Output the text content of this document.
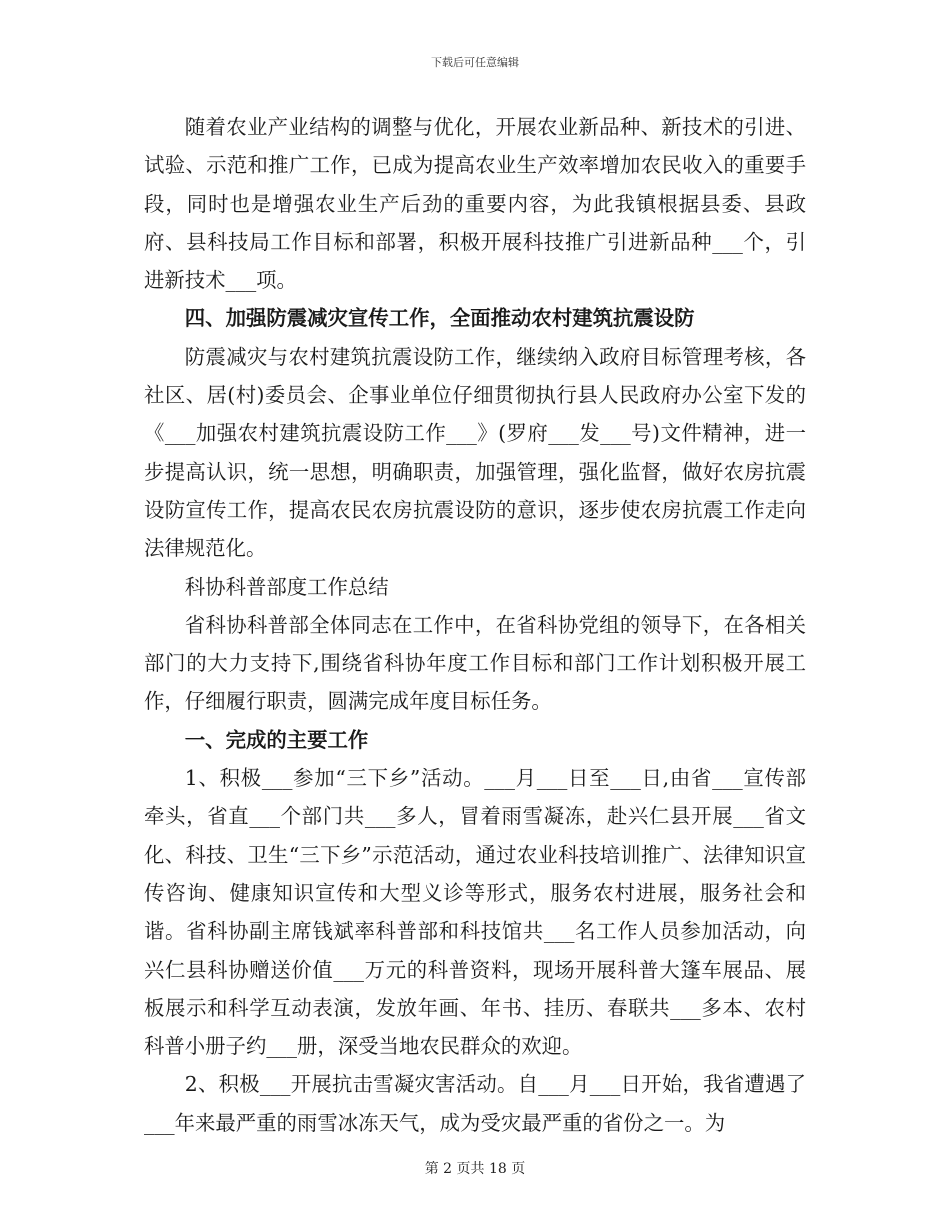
下载后可任意编辑

随着农业产业结构的调整与优化，开展农业新品种、新技术的引进、试验、示范和推广工作，已成为提高农业生产效率增加农民收入的重要手段，同时也是增强农业生产后劲的重要内容，为此我镇根据县委、县政府、县科技局工作目标和部署，积极开展科技推广引进新品种___个，引进新技术___项。

四、加强防震减灾宣传工作，全面推动农村建筑抗震设防

防震减灾与农村建筑抗震设防工作，继续纳入政府目标管理考核，各社区、居(村)委员会、企事业单位仔细贯彻执行县人民政府办公室下发的《___加强农村建筑抗震设防工作___》(罗府___发___号)文件精神，进一步提高认识，统一思想，明确职责，加强管理，强化监督，做好农房抗震设防宣传工作，提高农民农房抗震设防的意识，逐步使农房抗震工作走向法律规范化。

科协科普部度工作总结

省科协科普部全体同志在工作中，在省科协党组的领导下，在各相关部门的大力支持下,围绕省科协年度工作目标和部门工作计划积极开展工作，仔细履行职责，圆满完成年度目标任务。

一、完成的主要工作

1、积极___参加“三下乡”活动。___月___日至___日,由省___宣传部牵头，省直___个部门共___多人，冒着雨雪凝冻，赴兴仁县开展___省文化、科技、卫生“三下乡”示范活动，通过农业科技培训推广、法律知识宣传咨询、健康知识宣传和大型义诊等形式，服务农村进展，服务社会和谐。省科协副主席钱斌率科普部和科技馆共___名工作人员参加活动，向兴仁县科协赠送价值___万元的科普资料，现场开展科普大篷车展品、展板展示和科学互动表演，发放年画、年书、挂历、春联共___多本、农村科普小册子约___册，深受当地农民群众的欢迎。

2、积极___开展抗击雪凝灾害活动。自___月___日开始，我省遭遇了___年来最严重的雨雪冰冻天气，成为受灾最严重的省份之一。为

第 2 页共 18 页
